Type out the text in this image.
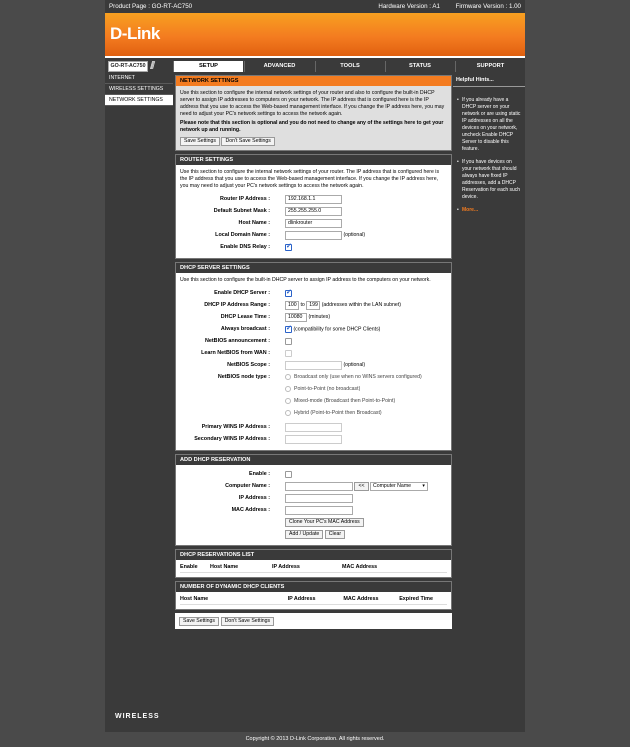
Product Page : GO-RT-AC750	Hardware Version : A1	Firmware Version : 1.00
D-Link
GO-RT-AC750 ///	SETUP	ADVANCED	TOOLS	STATUS	SUPPORT
INTERNET
WIRELESS SETTINGS
NETWORK SETTINGS
NETWORK SETTINGS
Use this section to configure the internal network settings of your router and also to configure the built-in DHCP server to assign IP addresses to computers on your network. The IP address that is configured here is the IP address that you use to access the Web-based management interface. If you change the IP address here, you may need to adjust your PC's network settings to access the network again.
Please note that this section is optional and you do not need to change any of the settings here to get your network up and running.
Save Settings Don't Save Settings
ROUTER SETTINGS
Use this section to configure the internal network settings of your router. The IP address that is configured here is the IP address that you use to access the Web-based management interface. If you change the IP address here, you may need to adjust your PC's network settings to access the network again.
Router IP Address :	192.168.1.1
Default Subnet Mask :	255.255.255.0
Host Name :	dlinkrouter
Local Domain Name :	(optional)
Enable DNS Relay :
✓
DHCP SERVER SETTINGS
Use this section to configure the built-in DHCP server to assign IP address to the computers on your network.
Enable DHCP Server :
✓
DHCP IP Address Range :	100 to 199 (addresses within the LAN subnet)
DHCP Lease Time :	10080 (minutes)
Always broadcast :
✓	(compatibility for some DHCP Clients)
NetBIOS announcement :
Learn NetBIOS from WAN :
NetBIOS Scope :	(optional)
NetBIOS node type :	Broadcast only (use when no WINS servers configured)
Point-to-Point (no broadcast)
Mixed-mode (Broadcast then Point-to-Point)
Hybrid (Point-to-Point then Broadcast)
Primary WINS IP Address :
Secondary WINS IP Address :
ADD DHCP RESERVATION
Enable :
Computer Name :	<< Computer Name ▾
IP Address :
MAC Address :
Clone Your PC's MAC Address
Add / Update Clear
DHCP RESERVATIONS LIST
Enable	Host Name	IP Address	MAC Address
NUMBER OF DYNAMIC DHCP CLIENTS
Host Name	IP Address	MAC Address	Expired Time
Save Settings Don't Save Settings
Helpful Hints...

• If you already have a DHCP server on your network or are using static IP addresses on all the devices on your network, uncheck Enable DHCP Server to disable this feature.

• If you have devices on your network that should always have fixed IP addresses, add a DHCP Reservation for each such device.

• More...

WIRELESS
Copyright © 2013 D-Link Corporation. All rights reserved.
